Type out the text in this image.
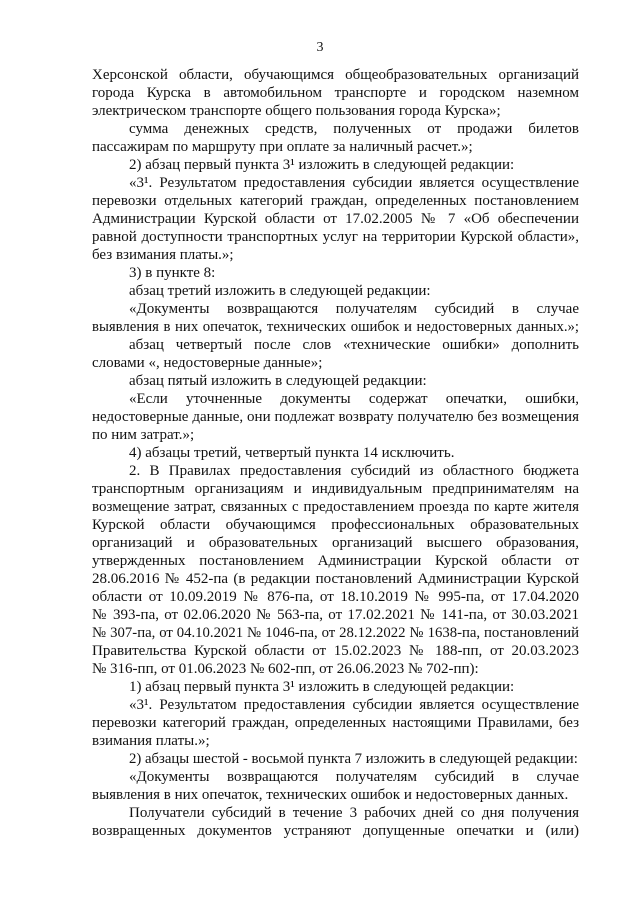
3
Херсонской области, обучающимся общеобразовательных организаций
города Курска в автомобильном транспорте и городском наземном
электрическом транспорте общего пользования города Курска»;
сумма денежных средств, полученных от продажи билетов
пассажирам по маршруту при оплате за наличный расчет.»;
2) абзац первый пункта 3¹ изложить в следующей редакции:
«3¹. Результатом предоставления субсидии является осуществление
перевозки отдельных категорий граждан, определенных постановлением
Администрации Курской области от 17.02.2005 № 7 «Об обеспечении
равной доступности транспортных услуг на территории Курской области»,
без взимания платы.»;
3) в пункте 8:
абзац третий изложить в следующей редакции:
«Документы возвращаются получателям субсидий в случае
выявления в них опечаток, технических ошибок и недостоверных данных.»;
абзац четвертый после слов «технические ошибки» дополнить
словами «, недостоверные данные»;
абзац пятый изложить в следующей редакции:
«Если уточненные документы содержат опечатки, ошибки,
недостоверные данные, они подлежат возврату получателю без возмещения
по ним затрат.»;
4) абзацы третий, четвертый пункта 14 исключить.
2. В Правилах предоставления субсидий из областного бюджета
транспортным организациям и индивидуальным предпринимателям на
возмещение затрат, связанных с предоставлением проезда по карте жителя
Курской области обучающимся профессиональных образовательных
организаций и образовательных организаций высшего образования,
утвержденных постановлением Администрации Курской области от
28.06.2016 № 452-па (в редакции постановлений Администрации Курской
области от 10.09.2019 № 876-па, от 18.10.2019 № 995-па, от 17.04.2020
№ 393-па, от 02.06.2020 № 563-па, от 17.02.2021 № 141-па, от 30.03.2021
№ 307-па, от 04.10.2021 № 1046-па, от 28.12.2022 № 1638-па, постановлений
Правительства Курской области от 15.02.2023 № 188-пп, от 20.03.2023
№ 316-пп, от 01.06.2023 № 602-пп, от 26.06.2023 № 702-пп):
1) абзац первый пункта 3¹ изложить в следующей редакции:
«3¹. Результатом предоставления субсидии является осуществление
перевозки категорий граждан, определенных настоящими Правилами, без
взимания платы.»;
2) абзацы шестой - восьмой пункта 7 изложить в следующей редакции:
«Документы возвращаются получателям субсидий в случае
выявления в них опечаток, технических ошибок и недостоверных данных.
Получатели субсидий в течение 3 рабочих дней со дня получения
возвращенных документов устраняют допущенные опечатки и (или)
